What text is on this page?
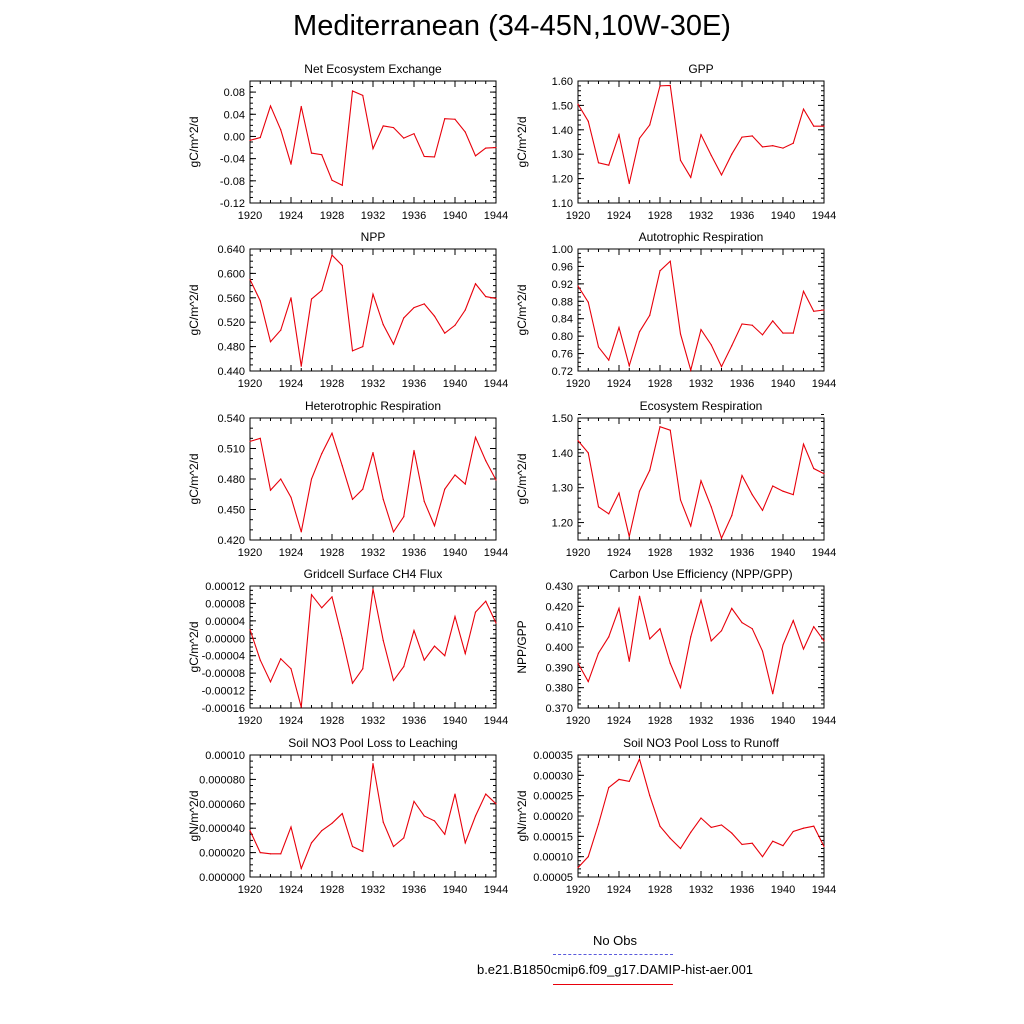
Mediterranean (34-45N,10W-30E)
Net Ecosystem Exchange
gC/m^2/d
1920 1924 1928 1932 1936 1940 1944
-0.12
-0.08
-0.04
0.00
0.04
0.08
GPP
gC/m^2/d
1920 1924 1928 1932 1936 1940 1944
1.10
1.20
1.30
1.40
1.50
1.60
NPP
gC/m^2/d
1920 1924 1928 1932 1936 1940 1944
0.440
0.480
0.520
0.560
0.600
0.640
Autotrophic Respiration
gC/m^2/d
1920 1924 1928 1932 1936 1940 1944
0.72
0.76
0.80
0.84
0.88
0.92
0.96
1.00
Heterotrophic Respiration
gC/m^2/d
1920 1924 1928 1932 1936 1940 1944
0.420
0.450
0.480
0.510
0.540
Ecosystem Respiration
gC/m^2/d
1920 1924 1928 1932 1936 1940 1944
1.20
1.30
1.40
1.50
Gridcell Surface CH4 Flux
gC/m^2/d
1920 1924 1928 1932 1936 1940 1944
-0.00016
-0.00012
-0.00008
-0.00004
0.00000
0.00004
0.00008
0.00012
Carbon Use Efficiency (NPP/GPP)
NPP/GPP
1920 1924 1928 1932 1936 1940 1944
0.370
0.380
0.390
0.400
0.410
0.420
0.430
Soil NO3 Pool Loss to Leaching
gN/m^2/d
1920 1924 1928 1932 1936 1940 1944
0.000000
0.000020
0.000040
0.000060
0.000080
0.00010
Soil NO3 Pool Loss to Runoff
gN/m^2/d
1920 1924 1928 1932 1936 1940 1944
0.00005
0.00010
0.00015
0.00020
0.00025
0.00030
0.00035
No Obs
b.e21.B1850cmip6.f09_g17.DAMIP-hist-aer.001
